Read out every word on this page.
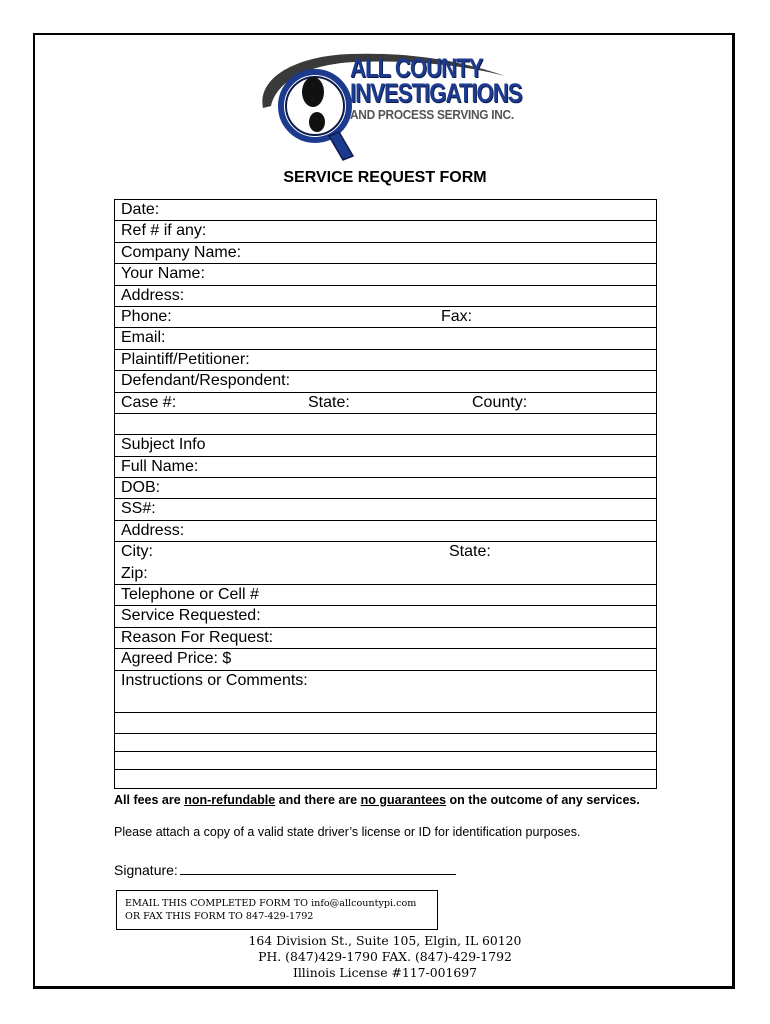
ALL COUNTY
INVESTIGATIONS
AND PROCESS SERVING INC.
SERVICE REQUEST FORM
Date:
Ref # if any:
Company Name:
Your Name:
Address:
Phone:	Fax:
Email:
Plaintiff/Petitioner:
Defendant/Respondent:
Case #:	State:	County:
Subject Info
Full Name:
DOB:
SS#:
Address:
City:	State:
Zip:
Telephone or Cell #
Service Requested:
Reason For Request:
Agreed Price: $
Instructions or Comments:
All fees are non-refundable and there are no guarantees on the outcome of any services.
Please attach a copy of a valid state driver’s license or ID for identification purposes.
Signature:
EMAIL THIS COMPLETED FORM TO info@allcountypi.com
OR FAX THIS FORM TO 847-429-1792
164 Division St., Suite 105, Elgin, IL 60120
PH. (847)429-1790 FAX. (847)-429-1792
Illinois License #117-001697
